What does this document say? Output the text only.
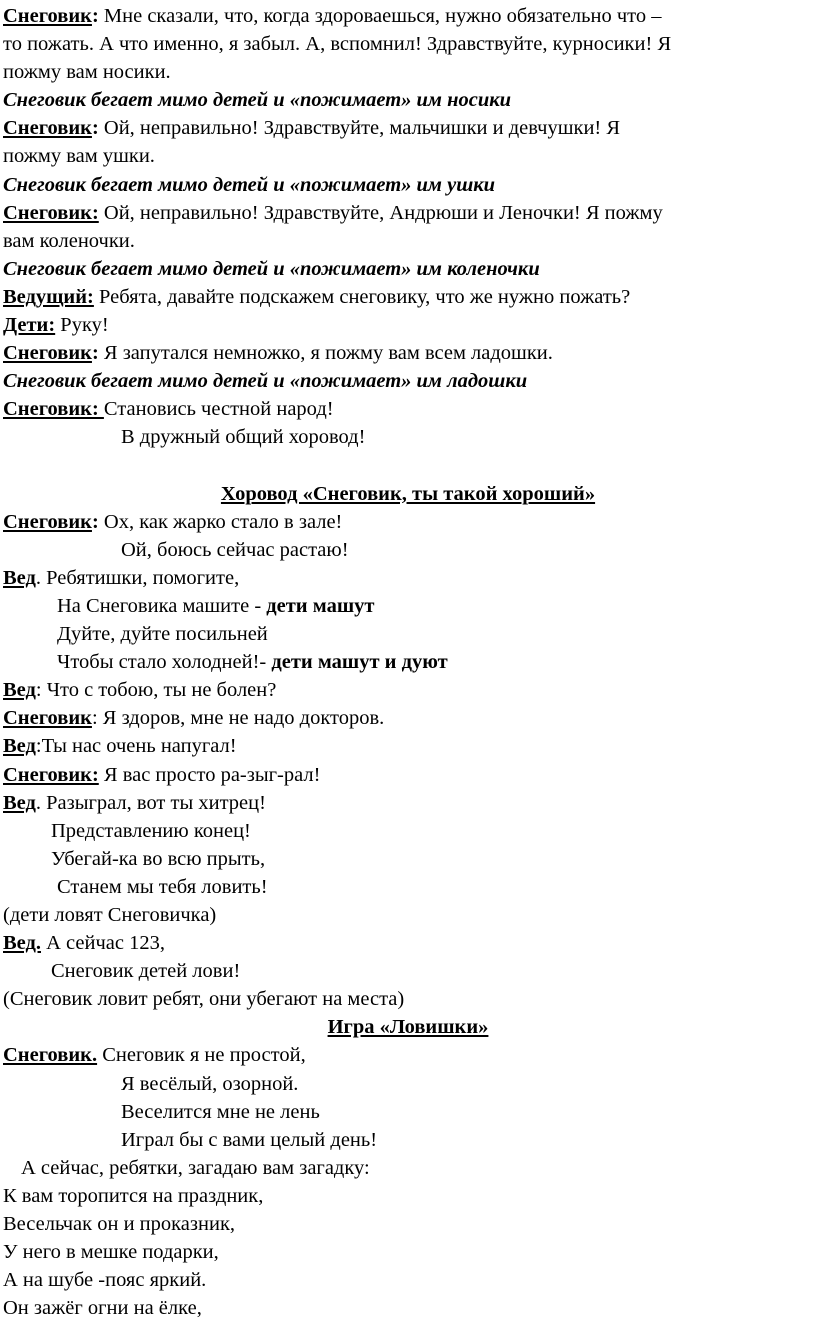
Снеговик: Мне сказали, что, когда здороваешься, нужно обязательно что –
то пожать. А что именно, я забыл. А, вспомнил! Здравствуйте, курносики! Я
пожму вам носики.
Снеговик бегает мимо детей и «пожимает» им носики
Снеговик: Ой, неправильно! Здравствуйте, мальчишки и девчушки! Я
пожму вам ушки.
Снеговик бегает мимо детей и «пожимает» им ушки
Снеговик: Ой, неправильно! Здравствуйте, Андрюши и Леночки! Я пожму
вам коленочки.
Снеговик бегает мимо детей и «пожимает» им коленочки
Ведущий: Ребята, давайте подскажем снеговику, что же нужно пожать?
Дети: Руку!
Снеговик: Я запутался немножко, я пожму вам всем ладошки.
Снеговик бегает мимо детей и «пожимает» им ладошки
Снеговик: Становись честной народ!
В дружный общий хоровод!
Хоровод «Снеговик, ты такой хороший»
Снеговик: Ох, как жарко стало в зале!
Ой, боюсь сейчас растаю!
Вед. Ребятишки, помогите,
На Снеговика машите - дети машут
Дуйте, дуйте посильней
Чтобы стало холодней!- дети машут и дуют
Вед: Что с тобою, ты не болен?
Снеговик: Я здоров, мне не надо докторов.
Вед:Ты нас очень напугал!
Снеговик: Я вас просто ра-зыг-рал!
Вед. Разыграл, вот ты хитрец!
Представлению конец!
Убегай-ка во всю прыть,
Станем мы тебя ловить!
(дети ловят Снеговичка)
Вед. А сейчас 123,
Снеговик детей лови!
(Снеговик ловит ребят, они убегают на места)
Игра «Ловишки»
Снеговик. Снеговик я не простой,
Я весёлый, озорной.
Веселится мне не лень
Играл бы с вами целый день!
А сейчас, ребятки, загадаю вам загадку:
К вам торопится на праздник,
Весельчак он и проказник,
У него в мешке подарки,
А на шубе -пояс яркий.
Он зажёг огни на ёлке,
